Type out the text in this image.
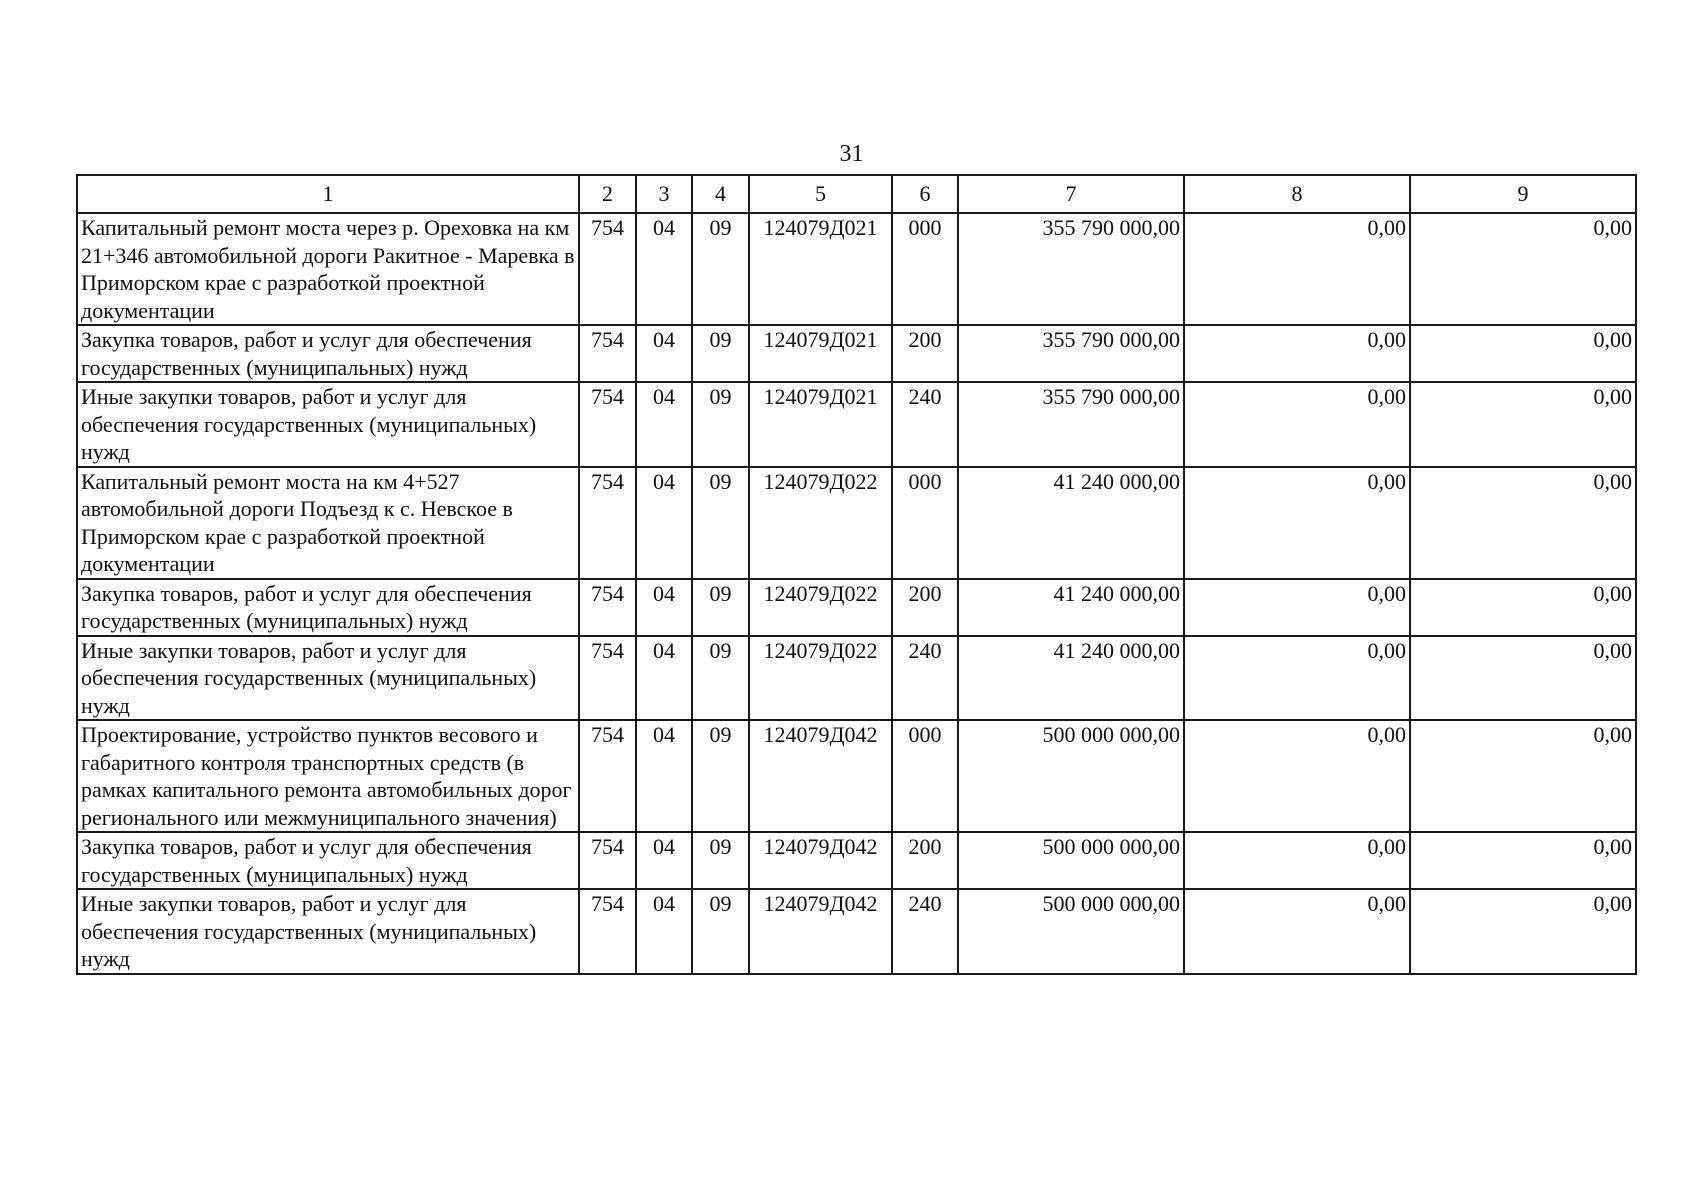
31
1	2	3	4	5	6	7	8	9
Капитальный ремонт моста через р. Ореховка на км 21+346 автомобильной дороги Ракитное - Маревка в Приморском крае с разработкой проектной документации	754	04	09	124079Д021	000	355 790 000,00	0,00	0,00
Закупка товаров, работ и услуг для обеспечения государственных (муниципальных) нужд	754	04	09	124079Д021	200	355 790 000,00	0,00	0,00
Иные закупки товаров, работ и услуг для обеспечения государственных (муниципальных) нужд	754	04	09	124079Д021	240	355 790 000,00	0,00	0,00
Капитальный ремонт моста на км 4+527 автомобильной дороги Подъезд к с. Невское в Приморском крае с разработкой проектной документации	754	04	09	124079Д022	000	41 240 000,00	0,00	0,00
Закупка товаров, работ и услуг для обеспечения государственных (муниципальных) нужд	754	04	09	124079Д022	200	41 240 000,00	0,00	0,00
Иные закупки товаров, работ и услуг для обеспечения государственных (муниципальных) нужд	754	04	09	124079Д022	240	41 240 000,00	0,00	0,00
Проектирование, устройство пунктов весового и габаритного контроля транспортных средств (в рамках капитального ремонта автомобильных дорог регионального или межмуниципального значения)	754	04	09	124079Д042	000	500 000 000,00	0,00	0,00
Закупка товаров, работ и услуг для обеспечения государственных (муниципальных) нужд	754	04	09	124079Д042	200	500 000 000,00	0,00	0,00
Иные закупки товаров, работ и услуг для обеспечения государственных (муниципальных) нужд	754	04	09	124079Д042	240	500 000 000,00	0,00	0,00
